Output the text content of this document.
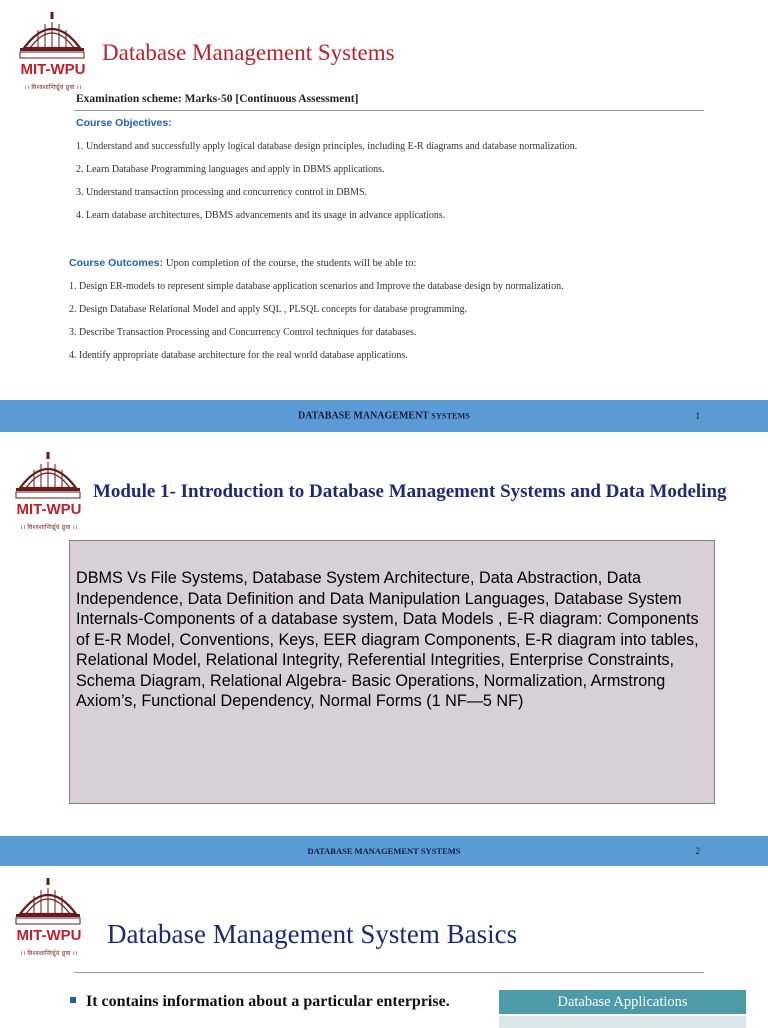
MIT-WPU
।। विश्वशान्तिर्ध्रुवं ध्रुवा ।।
Database Management Systems
Examination scheme: Marks-50 [Continuous Assessment]
Course Objectives:
1. Understand and successfully apply logical database design principles, including E-R diagrams and database normalization.
2. Learn Database Programming languages and apply in DBMS applications.
3. Understand transaction processing and concurrency control in DBMS.
4. Learn database architectures, DBMS advancements and its usage in advance applications.
Course Outcomes: Upon completion of the course, the students will be able to:
1. Design ER-models to represent simple database application scenarios and Improve the database design by normalization.
2. Design Database Relational Model and apply SQL , PLSQL concepts for database programming.
3. Describe Transaction Processing and Concurrency Control techniques for databases.
4. Identify appropriate database architecture for the real world database applications.
DATABASE MANAGEMENT SYSTEMS	1
MIT-WPU
।। विश्वशान्तिर्ध्रुवं ध्रुवा ।।
Module 1- Introduction to Database Management Systems and Data Modeling

DBMS Vs File Systems, Database System Architecture, Data Abstraction, Data Independence, Data Definition and Data Manipulation Languages, Database System Internals-Components of a database system, Data Models , E-R diagram: Components of E-R Model, Conventions, Keys, EER diagram Components, E-R diagram into tables, Relational Model, Relational Integrity, Referential Integrities, Enterprise Constraints, Schema Diagram, Relational Algebra- Basic Operations, Normalization, Armstrong Axiom’s, Functional Dependency, Normal Forms (1 NF—5 NF)

DATABASE MANAGEMENT SYSTEMS	2
MIT-WPU
।। विश्वशान्तिर्ध्रुवं ध्रुवा ।।
Database Management System Basics
It contains information about a particular enterprise.	Database Applications
